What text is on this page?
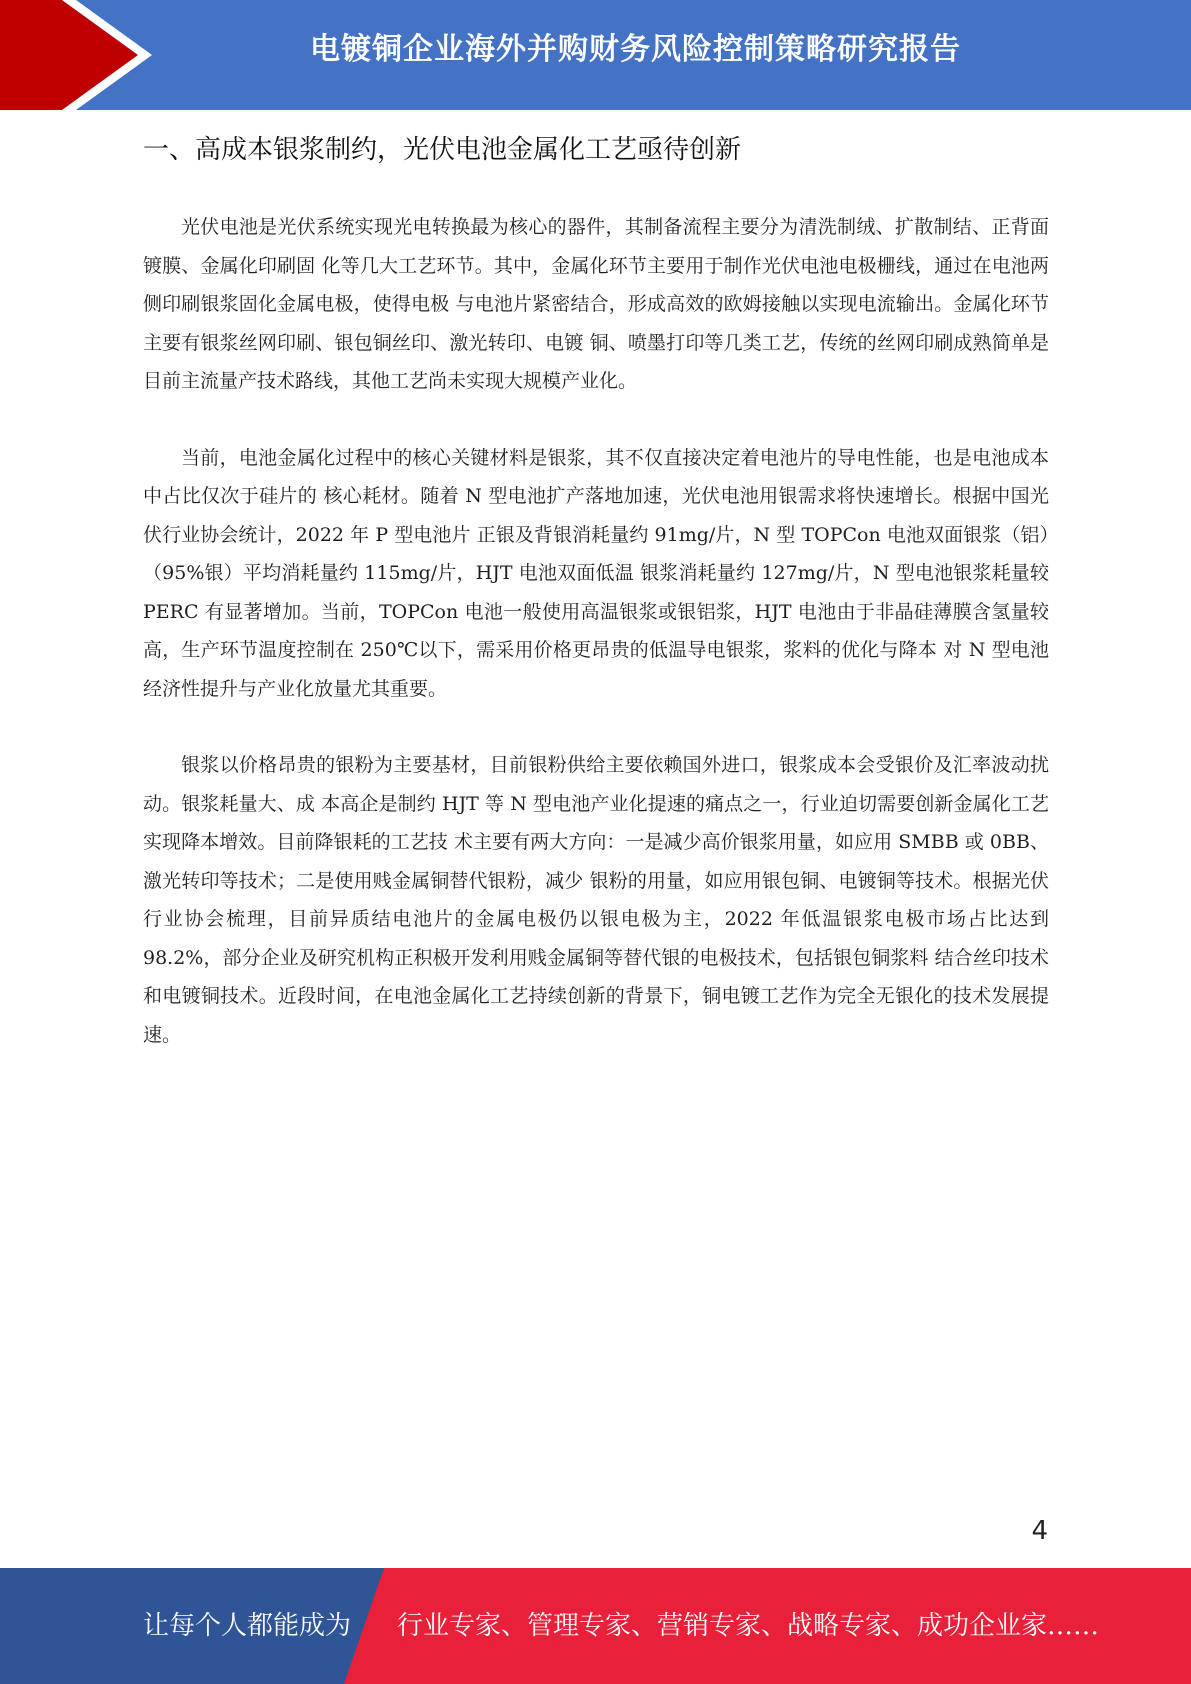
电镀铜企业海外并购财务风险控制策略研究报告
一、高成本银浆制约，光伏电池金属化工艺亟待创新

光伏电池是光伏系统实现光电转换最为核心的器件，其制备流程主要分为清洗制绒、扩散制结、正背面镀膜、金属化印刷固 化等几大工艺环节。其中，金属化环节主要用于制作光伏电池电极栅线，通过在电池两侧印刷银浆固化金属电极，使得电极 与电池片紧密结合，形成高效的欧姆接触以实现电流输出。金属化环节主要有银浆丝网印刷、银包铜丝印、激光转印、电镀 铜、喷墨打印等几类工艺，传统的丝网印刷成熟简单是目前主流量产技术路线，其他工艺尚未实现大规模产业化。

当前，电池金属化过程中的核心关键材料是银浆，其不仅直接决定着电池片的导电性能，也是电池成本中占比仅次于硅片的 核心耗材。随着 N 型电池扩产落地加速，光伏电池用银需求将快速增长。根据中国光伏行业协会统计，2022 年 P 型电池片 正银及背银消耗量约 91mg/片，N 型 TOPCon 电池双面银浆（铝）（95%银）平均消耗量约 115mg/片，HJT 电池双面低温 银浆消耗量约 127mg/片，N 型电池银浆耗量较 PERC 有显著增加。当前，TOPCon 电池一般使用高温银浆或银铝浆，HJT 电池由于非晶硅薄膜含氢量较高，生产环节温度控制在 250℃以下，需采用价格更昂贵的低温导电银浆，浆料的优化与降本 对 N 型电池经济性提升与产业化放量尤其重要。

银浆以价格昂贵的银粉为主要基材，目前银粉供给主要依赖国外进口，银浆成本会受银价及汇率波动扰动。银浆耗量大、成 本高企是制约 HJT 等 N 型电池产业化提速的痛点之一，行业迫切需要创新金属化工艺实现降本增效。目前降银耗的工艺技 术主要有两大方向：一是减少高价银浆用量，如应用 SMBB 或 0BB、激光转印等技术；二是使用贱金属铜替代银粉，减少 银粉的用量，如应用银包铜、电镀铜等技术。根据光伏行业协会梳理，目前异质结电池片的金属电极仍以银电极为主，2022 年低温银浆电极市场占比达到 98.2%，部分企业及研究机构正积极开发利用贱金属铜等替代银的电极技术，包括银包铜浆料 结合丝印技术和电镀铜技术。近段时间，在电池金属化工艺持续创新的背景下，铜电镀工艺作为完全无银化的技术发展提速。

4
让每个人都能成为 行业专家、管理专家、营销专家、战略专家、成功企业家……
